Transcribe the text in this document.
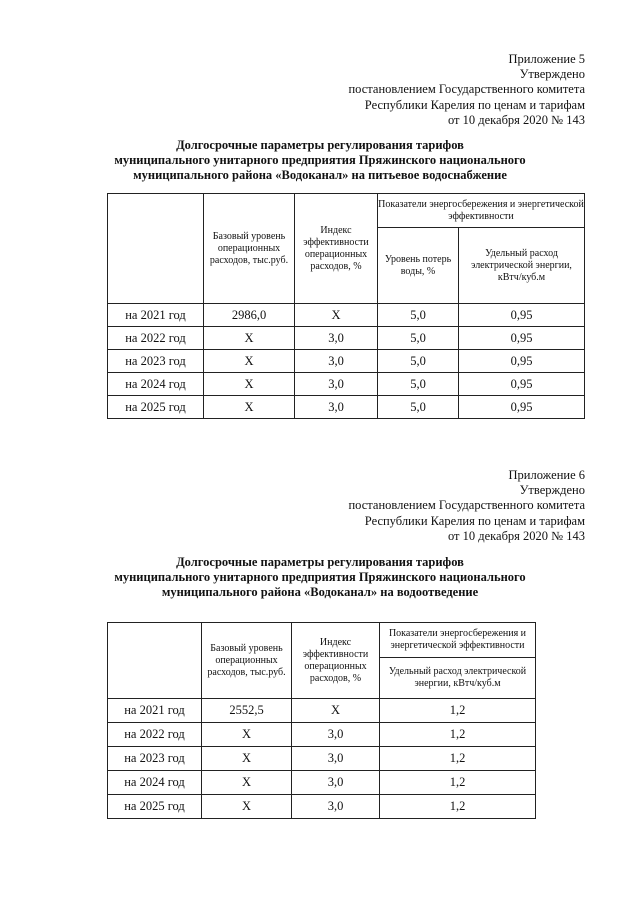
Приложение 5
Утверждено
постановлением Государственного комитета
Республики Карелия по ценам и тарифам
от 10 декабря 2020 № 143
Долгосрочные параметры регулирования тарифов
муниципального унитарного предприятия Пряжинского национального
муниципального района «Водоканал» на питьевое водоснабжение
	Базовый уровень операционных расходов, тыс.руб.	Индекс эффективности операционных расходов, %	Показатели энергосбережения и энергетической эффективности	
			Уровень потерь воды, %	Удельный расход электрической энергии, кВтч/куб.м
на 2021 год	2986,0	X	5,0	0,95
на 2022 год	X	3,0	5,0	0,95
на 2023 год	X	3,0	5,0	0,95
на 2024 год	X	3,0	5,0	0,95
на 2025 год	X	3,0	5,0	0,95
Приложение 6
Утверждено
постановлением Государственного комитета
Республики Карелия по ценам и тарифам
от 10 декабря 2020 № 143
Долгосрочные параметры регулирования тарифов
муниципального унитарного предприятия Пряжинского национального
муниципального района «Водоканал» на водоотведение
	Базовый уровень операционных расходов, тыс.руб.	Индекс эффективности операционных расходов, %	Показатели энергосбережения и энергетической эффективности
			Удельный расход электрической энергии, кВтч/куб.м
на 2021 год	2552,5	X	1,2
на 2022 год	X	3,0	1,2
на 2023 год	X	3,0	1,2
на 2024 год	X	3,0	1,2
на 2025 год	X	3,0	1,2
